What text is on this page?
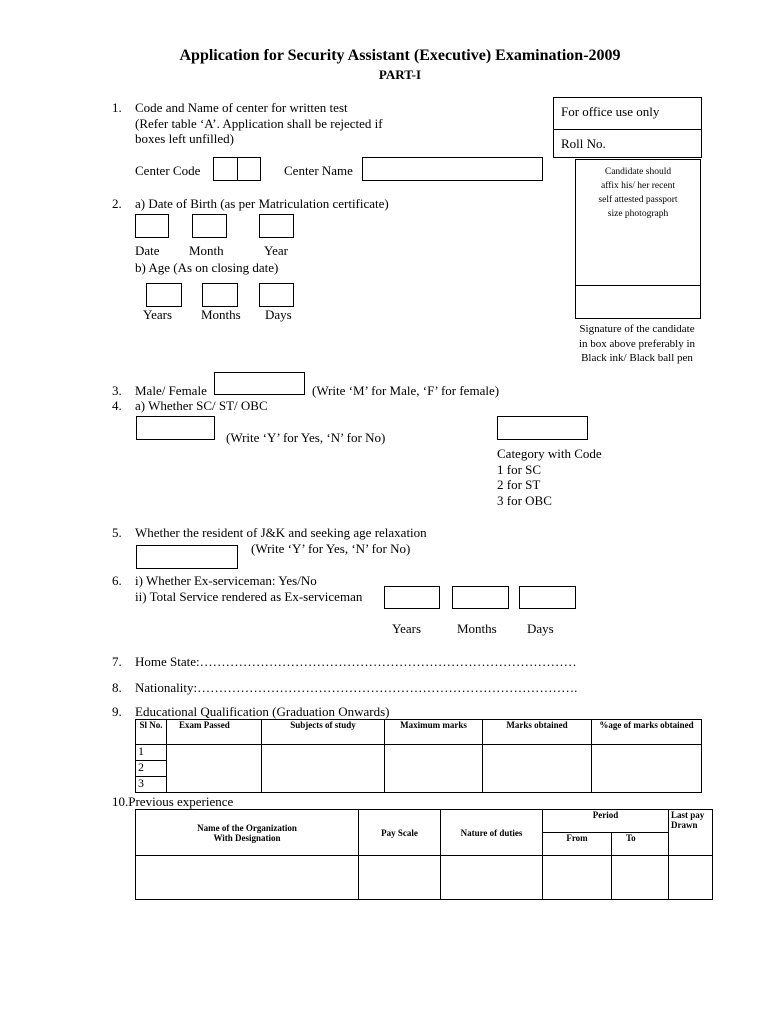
Application for Security Assistant (Executive) Examination-2009
PART-I
1. Code and Name of center for written test
(Refer table ‘A’. Application shall be rejected if
boxes left unfilled)
Center Code	Center Name
For office use only
Roll No.
Candidate should
affix his/ her recent
self attested passport
size photograph
Signature of the candidate
in box above preferably in
Black ink/ Black ball pen
2. a) Date of Birth (as per Matriculation certificate)
Date Month	Year
b) Age (As on closing date)
Years Months Days
3. Male/ Female	(Write ‘M’ for Male, ‘F’ for female)
4. a) Whether SC/ ST/ OBC
(Write ‘Y’ for Yes, ‘N’ for No)
Category with Code
1 for SC
2 for ST
3 for OBC
5. Whether the resident of J&K and seeking age relaxation
(Write ‘Y’ for Yes, ‘N’ for No)
6. i) Whether Ex-serviceman: Yes/No
ii) Total Service rendered as Ex-serviceman
Years	Months Days
7. Home State:……………………………………………………………………………
8. Nationality:…………………………………………………………………………….
9. Educational Qualification (Graduation Onwards)
Sl No.	Exam Passed	Subjects of study	Maximum marks	Marks obtained	%age of marks obtained
1					
2					
3					
10.Previous experience
Name of the Organization
With Designation	Pay Scale	Nature of duties	Period		Last pay
Drawn
			From	To	
